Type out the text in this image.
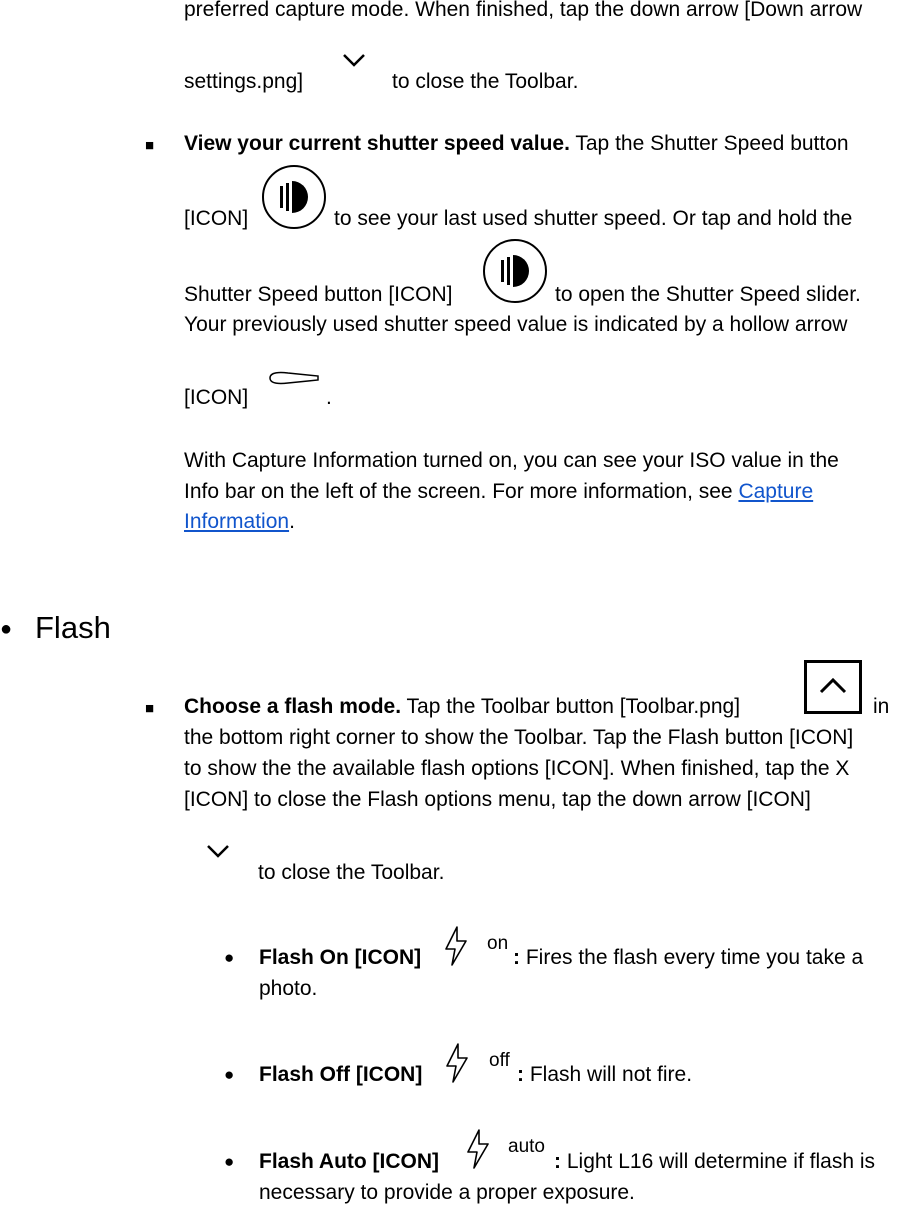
preferred capture mode. When finished, tap the down arrow [Down arrow
settings.png]	to close the Toolbar.
■ View your current shutter speed value. Tap the Shutter Speed button
[ICON]	to see your last used shutter speed. Or tap and hold the
Shutter Speed button [ICON]	to open the Shutter Speed slider.
Your previously used shutter speed value is indicated by a hollow arrow
[ICON]	.
With Capture Information turned on, you can see your ISO value in the
Info bar on the left of the screen. For more information, see Capture
Information.
● Flash
■ Choose a flash mode. Tap the Toolbar button [Toolbar.png]	in
the bottom right corner to show the Toolbar. Tap the Flash button [ICON]
to show the the available flash options [ICON]. When finished, tap the X
[ICON] to close the Flash options menu, tap the down arrow [ICON]
to close the Toolbar.
● Flash On [ICON]
on
: Fires the flash every time you take a
photo.
● Flash Off [ICON]
off
: Flash will not fire.
● Flash Auto [ICON]
auto
: Light L16 will determine if flash is
necessary to provide a proper exposure.
